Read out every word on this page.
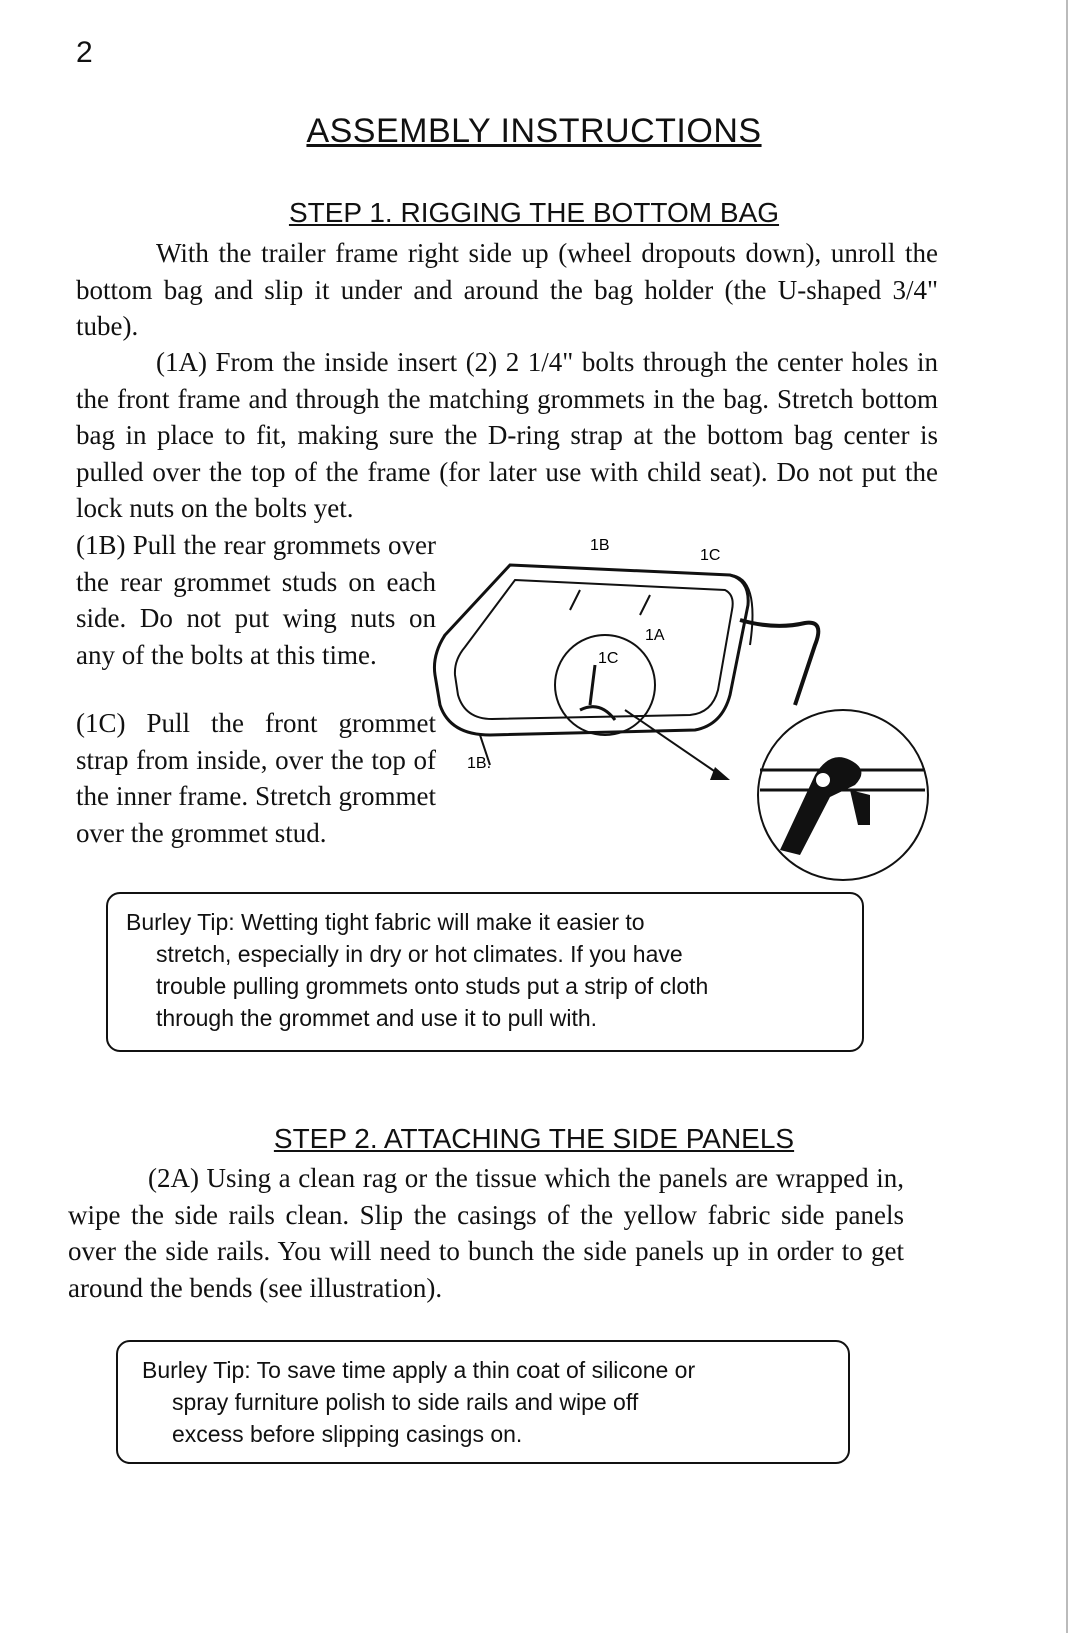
2
ASSEMBLY INSTRUCTIONS
STEP 1. RIGGING THE BOTTOM BAG
With the trailer frame right side up (wheel dropouts down), unroll the bottom bag and slip it under and around the bag holder (the U-shaped 3/4" tube).
(1A) From the inside insert (2) 2 1/4" bolts through the center holes in the front frame and through the matching grommets in the bag. Stretch bottom bag in place to fit, making sure the D-ring strap at the bottom bag center is pulled over the top of the frame (for later use with child seat). Do not put the lock nuts on the bolts yet.
(1B) Pull the rear grommets over the rear grommet studs on each side. Do not put wing nuts on any of the bolts at this time.
(1C) Pull the front grommet strap from inside, over the top of the inner frame. Stretch grommet over the grommet stud.
1B
1C
1A
1C
1B.
Burley Tip: Wetting tight fabric will make it easier to
stretch, especially in dry or hot climates. If you have
trouble pulling grommets onto studs put a strip of cloth
through the grommet and use it to pull with.
STEP 2. ATTACHING THE SIDE PANELS
(2A) Using a clean rag or the tissue which the panels are wrapped in, wipe the side rails clean. Slip the casings of the yellow fabric side panels over the side rails. You will need to bunch the side panels up in order to get around the bends (see illustration).
Burley Tip: To save time apply a thin coat of silicone or
spray furniture polish to side rails and wipe off
excess before slipping casings on.
